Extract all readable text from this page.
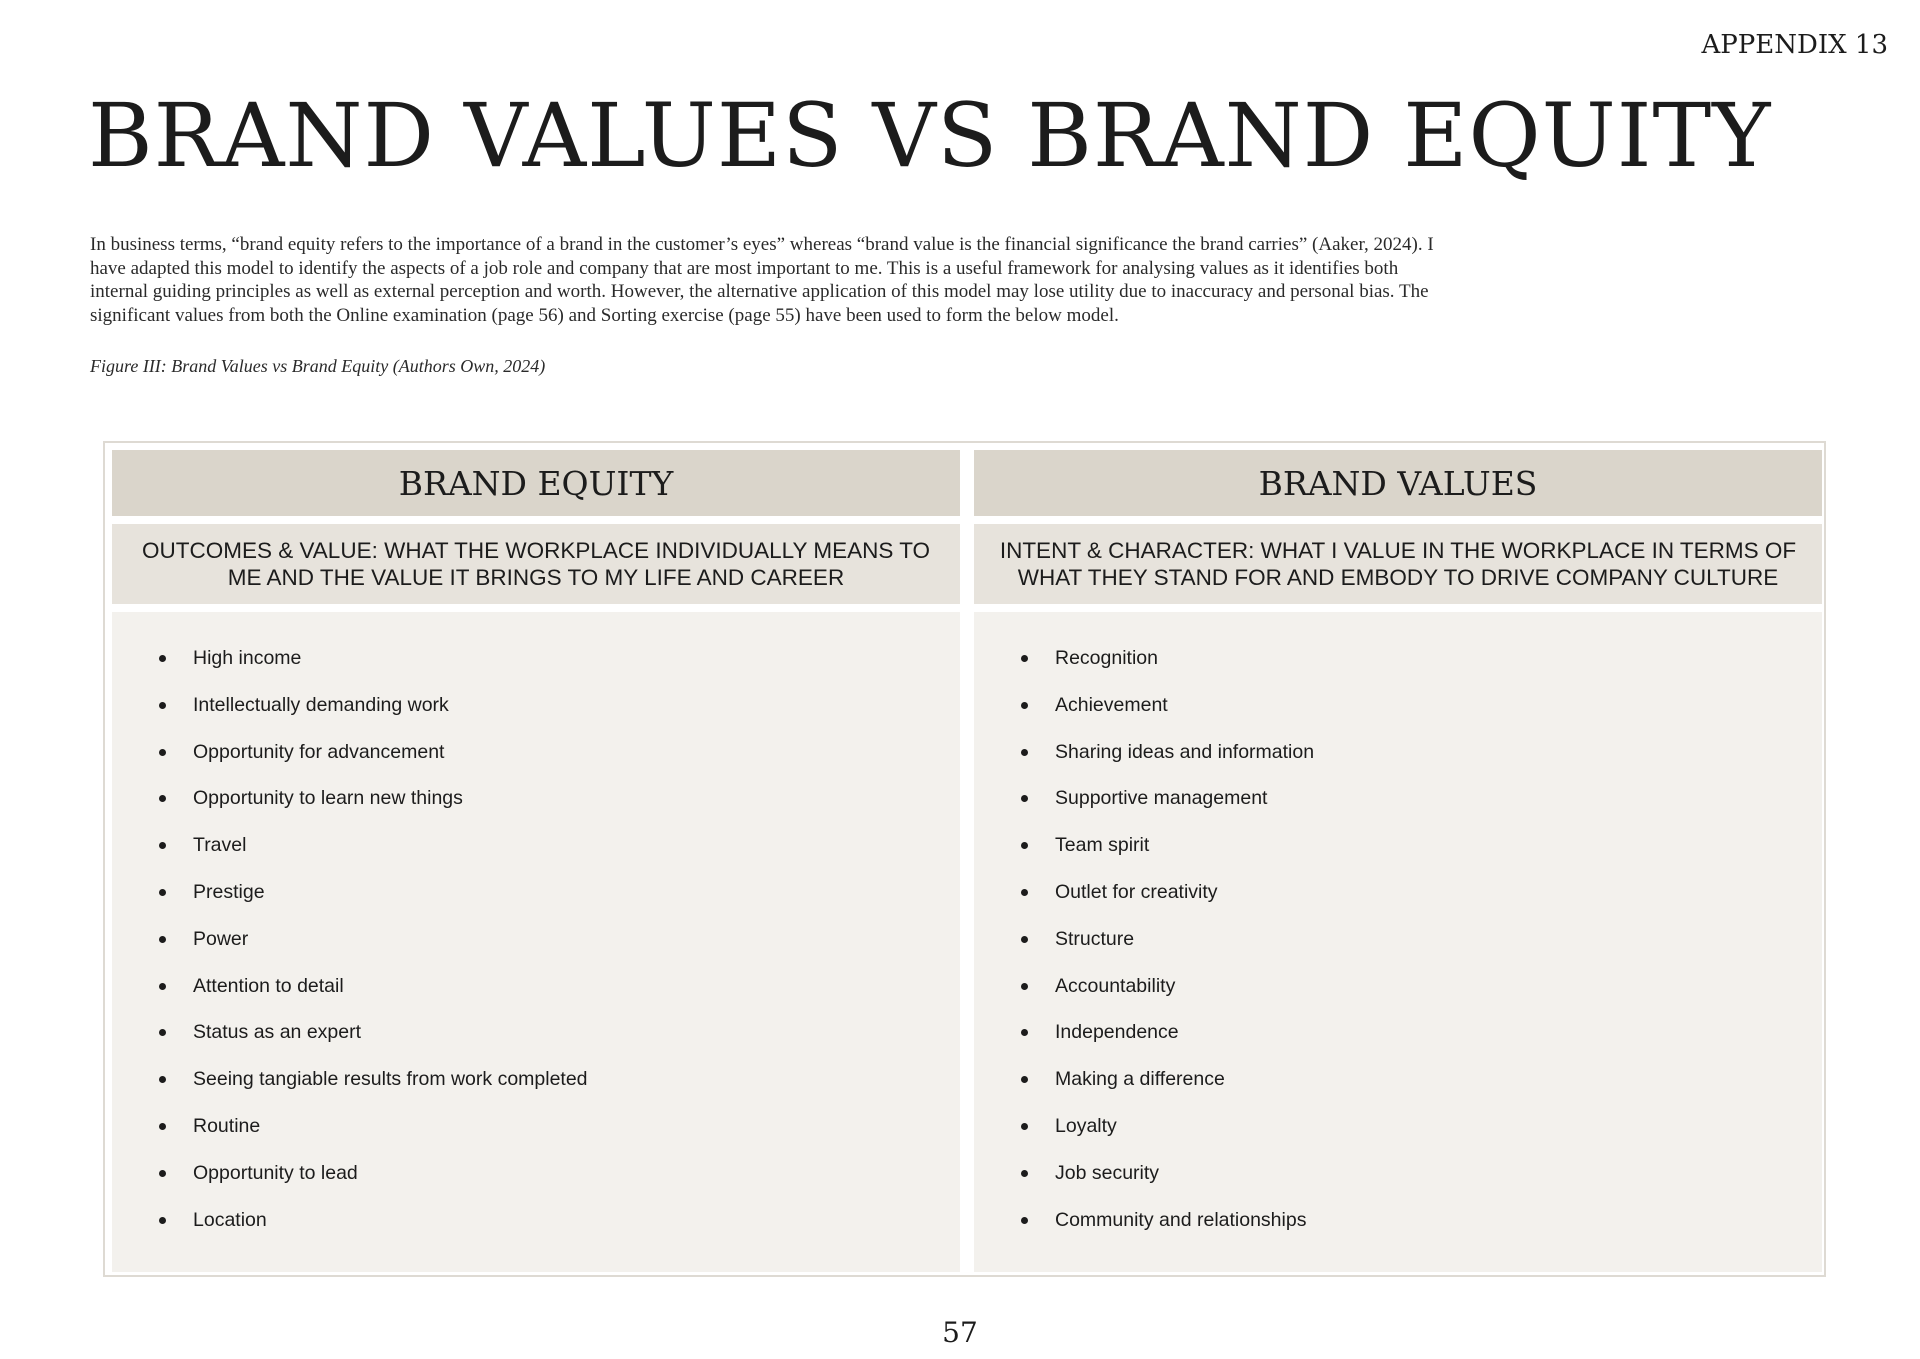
APPENDIX 13
BRAND VALUES VS BRAND EQUITY

In business terms, “brand equity refers to the importance of a brand in the customer’s eyes” whereas “brand value is the financial significance the brand carries” (Aaker, 2024). I have adapted this model to identify the aspects of a job role and company that are most important to me. This is a useful framework for analysing values as it identifies both internal guiding principles as well as external perception and worth. However, the alternative application of this model may lose utility due to inaccuracy and personal bias. The significant values from both the Online examination (page 56) and Sorting exercise (page 55) have been used to form the below model.

Figure III: Brand Values vs Brand Equity (Authors Own, 2024)

BRAND EQUITY
OUTCOMES & VALUE: WHAT THE WORKPLACE INDIVIDUALLY MEANS TO ME AND THE VALUE IT BRINGS TO MY LIFE AND CAREER
High income
Intellectually demanding work
Opportunity for advancement
Opportunity to learn new things
Travel
Prestige
Power
Attention to detail
Status as an expert
Seeing tangiable results from work completed
Routine
Opportunity to lead
Location
BRAND VALUES
INTENT & CHARACTER: WHAT I VALUE IN THE WORKPLACE IN TERMS OF WHAT THEY STAND FOR AND EMBODY TO DRIVE COMPANY CULTURE
Recognition
Achievement
Sharing ideas and information
Supportive management
Team spirit
Outlet for creativity
Structure
Accountability
Independence
Making a difference
Loyalty
Job security
Community and relationships
57
